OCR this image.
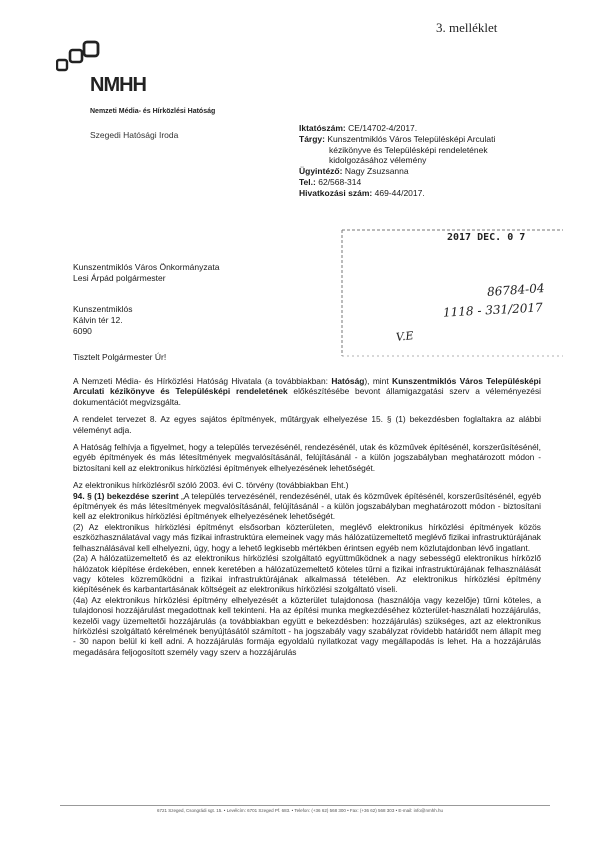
3. melléklet
NMHH
Nemzeti Média- és Hírközlési Hatóság
Szegedi Hatósági Iroda
Iktatószám: CE/14702-4/2017.
Tárgy: Kunszentmiklós Város Településképi Arculati
kézikönyve és Településképi rendeletének
kidolgozásához vélemény
Ügyintéző: Nagy Zsuzsanna
Tel.: 62/568-314
Hivatkozási szám: 469-44/2017.
2017 DEC. 0 7
86784-04
1118 - 331/2017
V.E
Kunszentmiklós Város Önkormányzata
Lesi Árpád polgármester
Kunszentmiklós
Kálvin tér 12.
6090
Tisztelt Polgármester Úr!

A Nemzeti Média- és Hírközlési Hatóság Hivatala (a továbbiakban: Hatóság), mint Kunszentmiklós Város Településképi Arculati kézikönyve és Településképi rendeletének előkészítésébe bevont államigazgatási szerv a véleményezési dokumentációt megvizsgálta.

A rendelet tervezet 8. Az egyes sajátos építmények, műtárgyak elhelyezése 15. § (1) bekezdésben foglaltakra az alábbi véleményt adja.

A Hatóság felhívja a figyelmet, hogy a település tervezésénél, rendezésénél, utak és közművek építésénél, korszerűsítésénél, egyéb építmények és más létesítmények megvalósításánál, felújításánál - a külön jogszabályban meghatározott módon - biztosítani kell az elektronikus hírközlési építmények elhelyezésének lehetőségét.

Az elektronikus hírközlésről szóló 2003. évi C. törvény (továbbiakban Eht.)

94. § (1) bekezdése szerint „A település tervezésénél, rendezésénél, utak és közművek építésénél, korszerűsítésénél, egyéb építmények és más létesítmények megvalósításánál, felújításánál - a külön jogszabályban meghatározott módon - biztosítani kell az elektronikus hírközlési építmények elhelyezésének lehetőségét.

(2) Az elektronikus hírközlési építményt elsősorban közterületen, meglévő elektronikus hírközlési építmények közös eszközhasználatával vagy más fizikai infrastruktúra elemeinek vagy más hálózatüzemeltető meglévő fizikai infrastruktúrájának felhasználásával kell elhelyezni, úgy, hogy a lehető legkisebb mértékben érintsen egyéb nem közlutajdonban lévő ingatlant.

(2a) A hálózatüzemeltető és az elektronikus hírközlési szolgáltató együttműködnek a nagy sebességű elektronikus hírközlő hálózatok kiépítése érdekében, ennek keretében a hálózatüzemeltető köteles tűrni a fizikai infrastruktúrájának felhasználását vagy köteles közreműködni a fizikai infrastruktúrájának alkalmassá tételében. Az elektronikus hírközlési építmény kiépítésének és karbantartásának költségeit az elektronikus hírközlési szolgáltató viseli.

(4a) Az elektronikus hírközlési építmény elhelyezését a közterület tulajdonosa (használója vagy kezelője) tűrni köteles, a tulajdonosi hozzájárulást megadottnak kell tekinteni. Ha az építési munka megkezdéséhez közterület-használati hozzájárulás, kezelői vagy üzemeltetői hozzájárulás (a továbbiakban együtt e bekezdésben: hozzájárulás) szükséges, azt az elektronikus hírközlési szolgáltató kérelmének benyújtásától számított - ha jogszabály vagy szabályzat rövidebb határidőt nem állapít meg - 30 napon belül ki kell adni. A hozzájárulás formája egyoldalú nyilatkozat vagy megállapodás is lehet. Ha a hozzájárulás megadására feljogosított személy vagy szerv a hozzájárulás

6721 Szeged, Csongrádi sgt. 15. • Levélcím: 6701 Szeged Pf. 683. • Telefon: (+36 62) 568 300 • Fax: (+36 62) 568 303 • E-mail: info@nmhh.hu
